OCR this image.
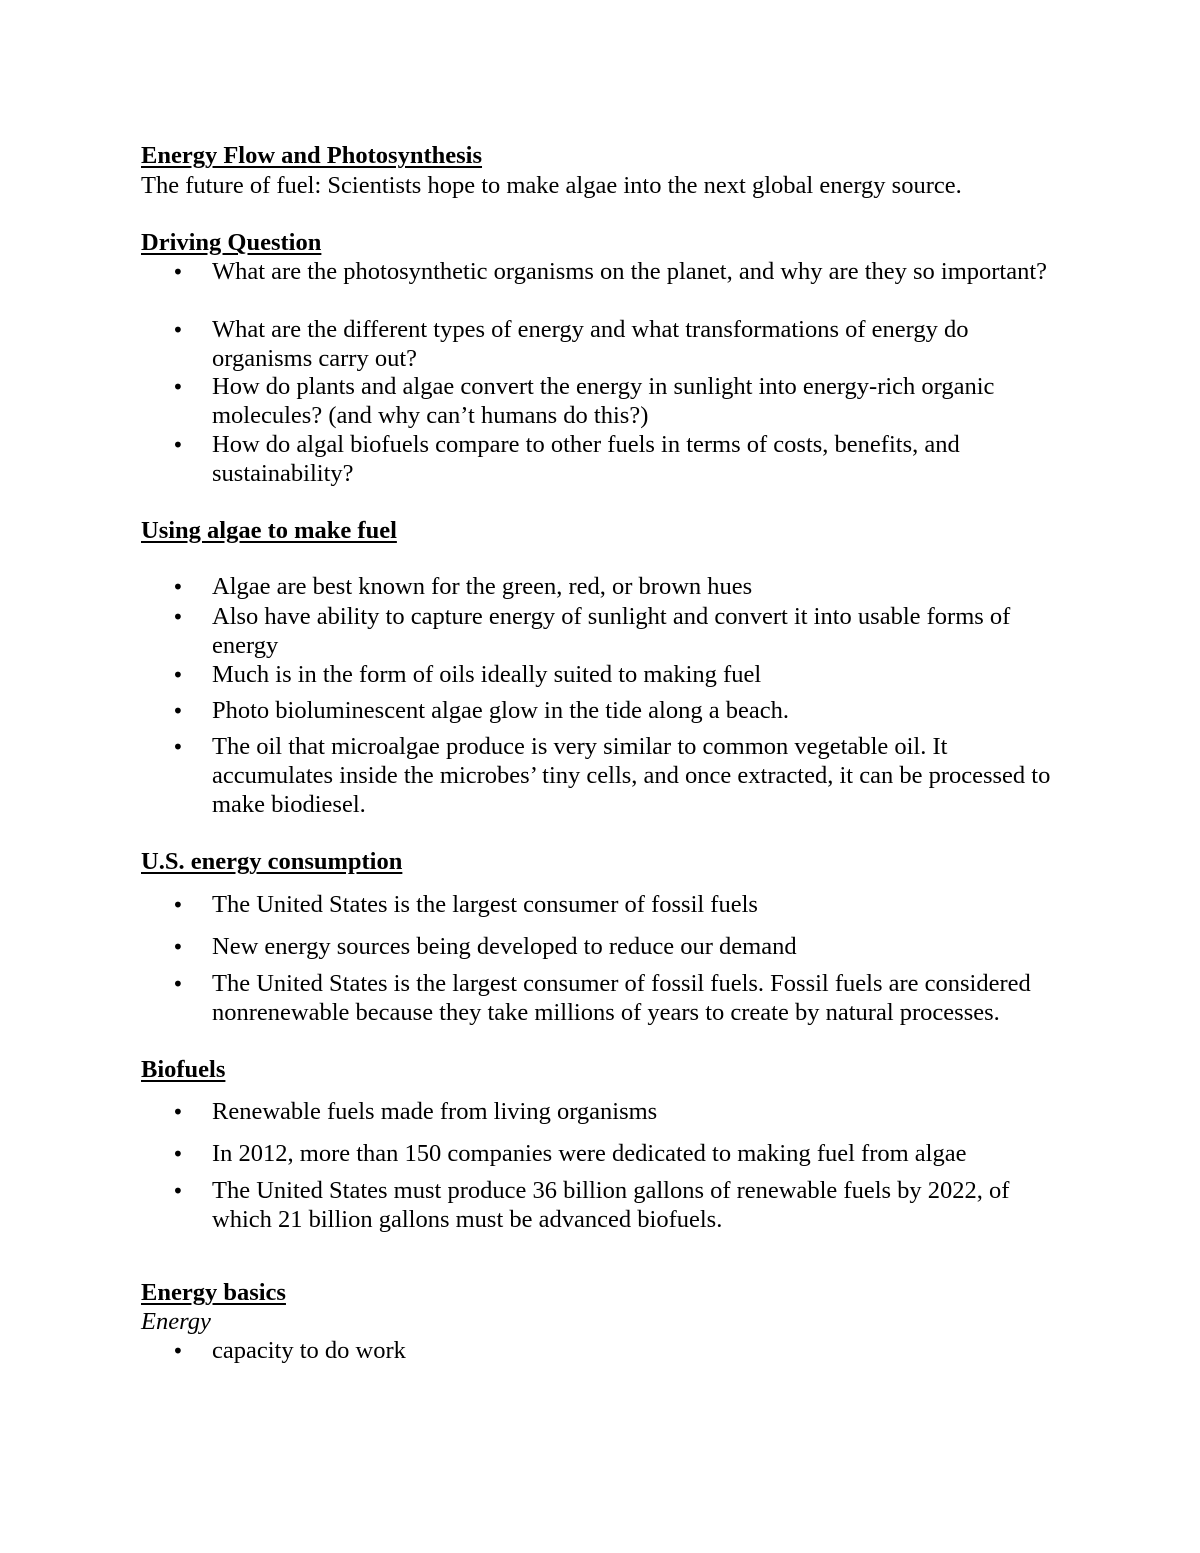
Energy Flow and Photosynthesis
The future of fuel: Scientists hope to make algae into the next global energy source.
Driving Question
•	What are the photosynthetic organisms on the planet, and why are they so important?
•	What are the different types of energy and what transformations of energy do organisms carry out?
•	How do plants and algae convert the energy in sunlight into energy-rich organic molecules? (and why can’t humans do this?)
•	How do algal biofuels compare to other fuels in terms of costs, benefits, and sustainability?
Using algae to make fuel
•	Algae are best known for the green, red, or brown hues
•	Also have ability to capture energy of sunlight and convert it into usable forms of energy
•	Much is in the form of oils ideally suited to making fuel
•	Photo bioluminescent algae glow in the tide along a beach.
•	The oil that microalgae produce is very similar to common vegetable oil. It accumulates inside the microbes’ tiny cells, and once extracted, it can be processed to make biodiesel.
U.S. energy consumption
•	The United States is the largest consumer of fossil fuels
•	New energy sources being developed to reduce our demand
•	The United States is the largest consumer of fossil fuels. Fossil fuels are considered nonrenewable because they take millions of years to create by natural processes.
Biofuels
•	Renewable fuels made from living organisms
•	In 2012, more than 150 companies were dedicated to making fuel from algae
•	The United States must produce 36 billion gallons of renewable fuels by 2022, of which 21 billion gallons must be advanced biofuels.
Energy basics
Energy
•	capacity to do work
